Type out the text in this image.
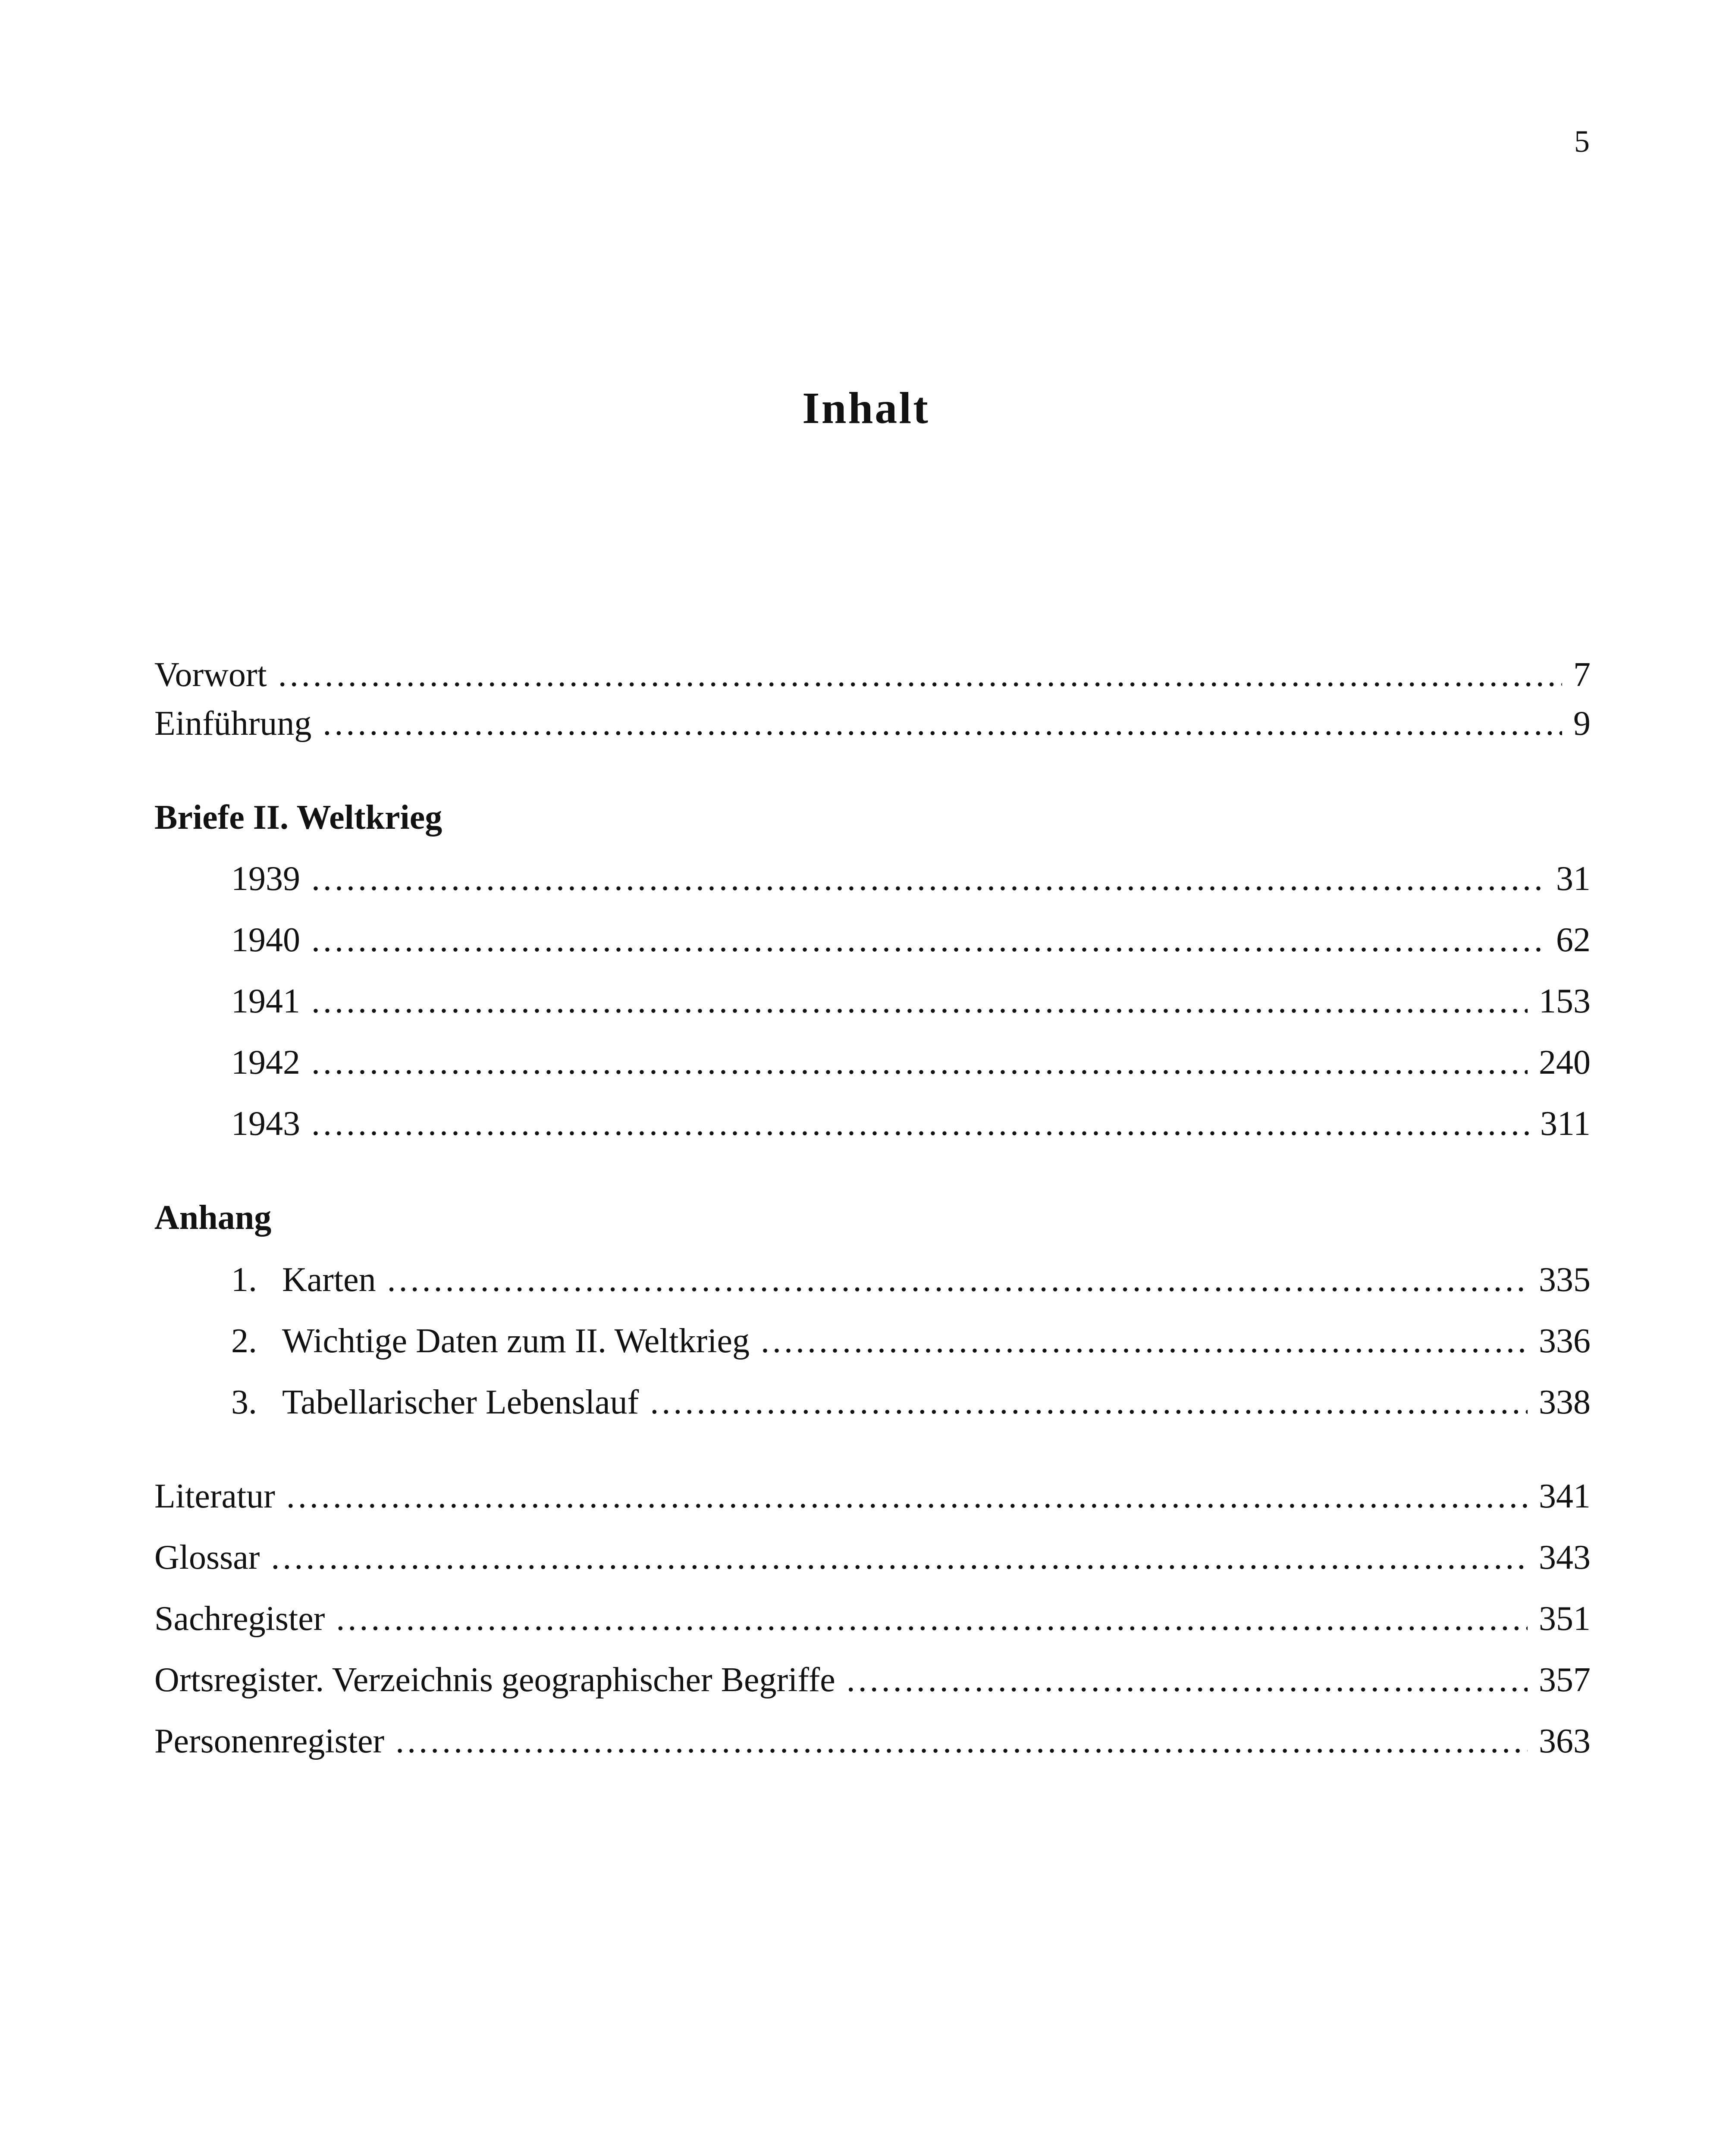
5
Inhalt
Vorwort .....	7
Einführung .....	9
Briefe II. Weltkrieg
1939 .....	31
1940 .....	62
1941 .....	153
1942 .....	240
1943 .....	311
Anhang
1. Karten .....	335
2. Wichtige Daten zum II. Weltkrieg .....	336
3. Tabellarischer Lebenslauf .....	338
Literatur .....	341
Glossar .....	343
Sachregister .....	351
Ortsregister. Verzeichnis geographischer Begriffe .....	357
Personenregister .....	363
